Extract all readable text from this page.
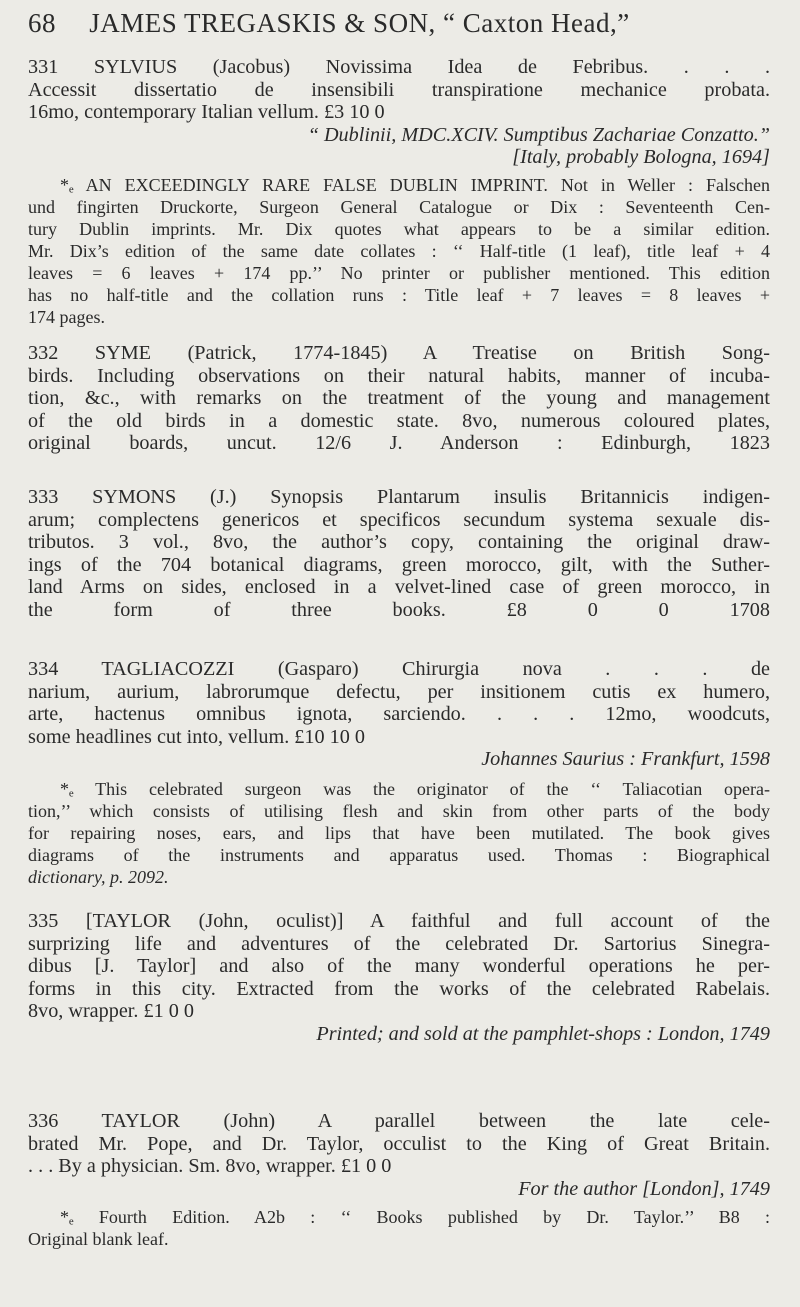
68 JAMES TREGASKIS & SON, “ Caxton Head,”
331 SYLVIUS (Jacobus) Novissima Idea de Febribus. . . .
Accessit dissertatio de insensibili transpiratione mechanice probata.
16mo, contemporary Italian vellum. £3 10 0
“ Dublinii, MDC.XCIV. Sumptibus Zachariae Conzatto.”
[Italy, probably Bologna, 1694]
*ₑ AN EXCEEDINGLY RARE FALSE DUBLIN IMPRINT. Not in Weller : Falschen
und fingirten Druckorte, Surgeon General Catalogue or Dix : Seventeenth Cen-
tury Dublin imprints. Mr. Dix quotes what appears to be a similar edition.
Mr. Dix’s edition of the same date collates : ‘‘ Half-title (1 leaf), title leaf + 4
leaves = 6 leaves + 174 pp.’’ No printer or publisher mentioned. This edition
has no half-title and the collation runs : Title leaf + 7 leaves = 8 leaves +
174 pages.
332 SYME (Patrick, 1774-1845) A Treatise on British Song-
birds. Including observations on their natural habits, manner of incuba-
tion, &c., with remarks on the treatment of the young and management
of the old birds in a domestic state. 8vo, numerous coloured plates,
original boards, uncut. 12/6 J. Anderson : Edinburgh, 1823
333 SYMONS (J.) Synopsis Plantarum insulis Britannicis indigen-
arum; complectens genericos et specificos secundum systema sexuale dis-
tributos. 3 vol., 8vo, the author’s copy, containing the original draw-
ings of the 704 botanical diagrams, green morocco, gilt, with the Suther-
land Arms on sides, enclosed in a velvet-lined case of green morocco, in
the form of three books. £8 0 0 1708
334 TAGLIACOZZI (Gasparo) Chirurgia nova . . . de
narium, aurium, labrorumque defectu, per insitionem cutis ex humero,
arte, hactenus omnibus ignota, sarciendo. . . . 12mo, woodcuts,
some headlines cut into, vellum. £10 10 0
Johannes Saurius : Frankfurt, 1598
*ₑ This celebrated surgeon was the originator of the ‘‘ Taliacotian opera-
tion,’’ which consists of utilising flesh and skin from other parts of the body
for repairing noses, ears, and lips that have been mutilated. The book gives
diagrams of the instruments and apparatus used. Thomas : Biographical
dictionary, p. 2092.
335 [TAYLOR (John, oculist)] A faithful and full account of the
surprizing life and adventures of the celebrated Dr. Sartorius Sinegra-
dibus [J. Taylor] and also of the many wonderful operations he per-
forms in this city. Extracted from the works of the celebrated Rabelais.
8vo, wrapper. £1 0 0
Printed; and sold at the pamphlet-shops : London, 1749
336 TAYLOR (John) A parallel between the late cele-
brated Mr. Pope, and Dr. Taylor, occulist to the King of Great Britain.
. . . By a physician. Sm. 8vo, wrapper. £1 0 0
For the author [London], 1749
*ₑ Fourth Edition. A2b : ‘‘ Books published by Dr. Taylor.’’ B8 :
Original blank leaf.
